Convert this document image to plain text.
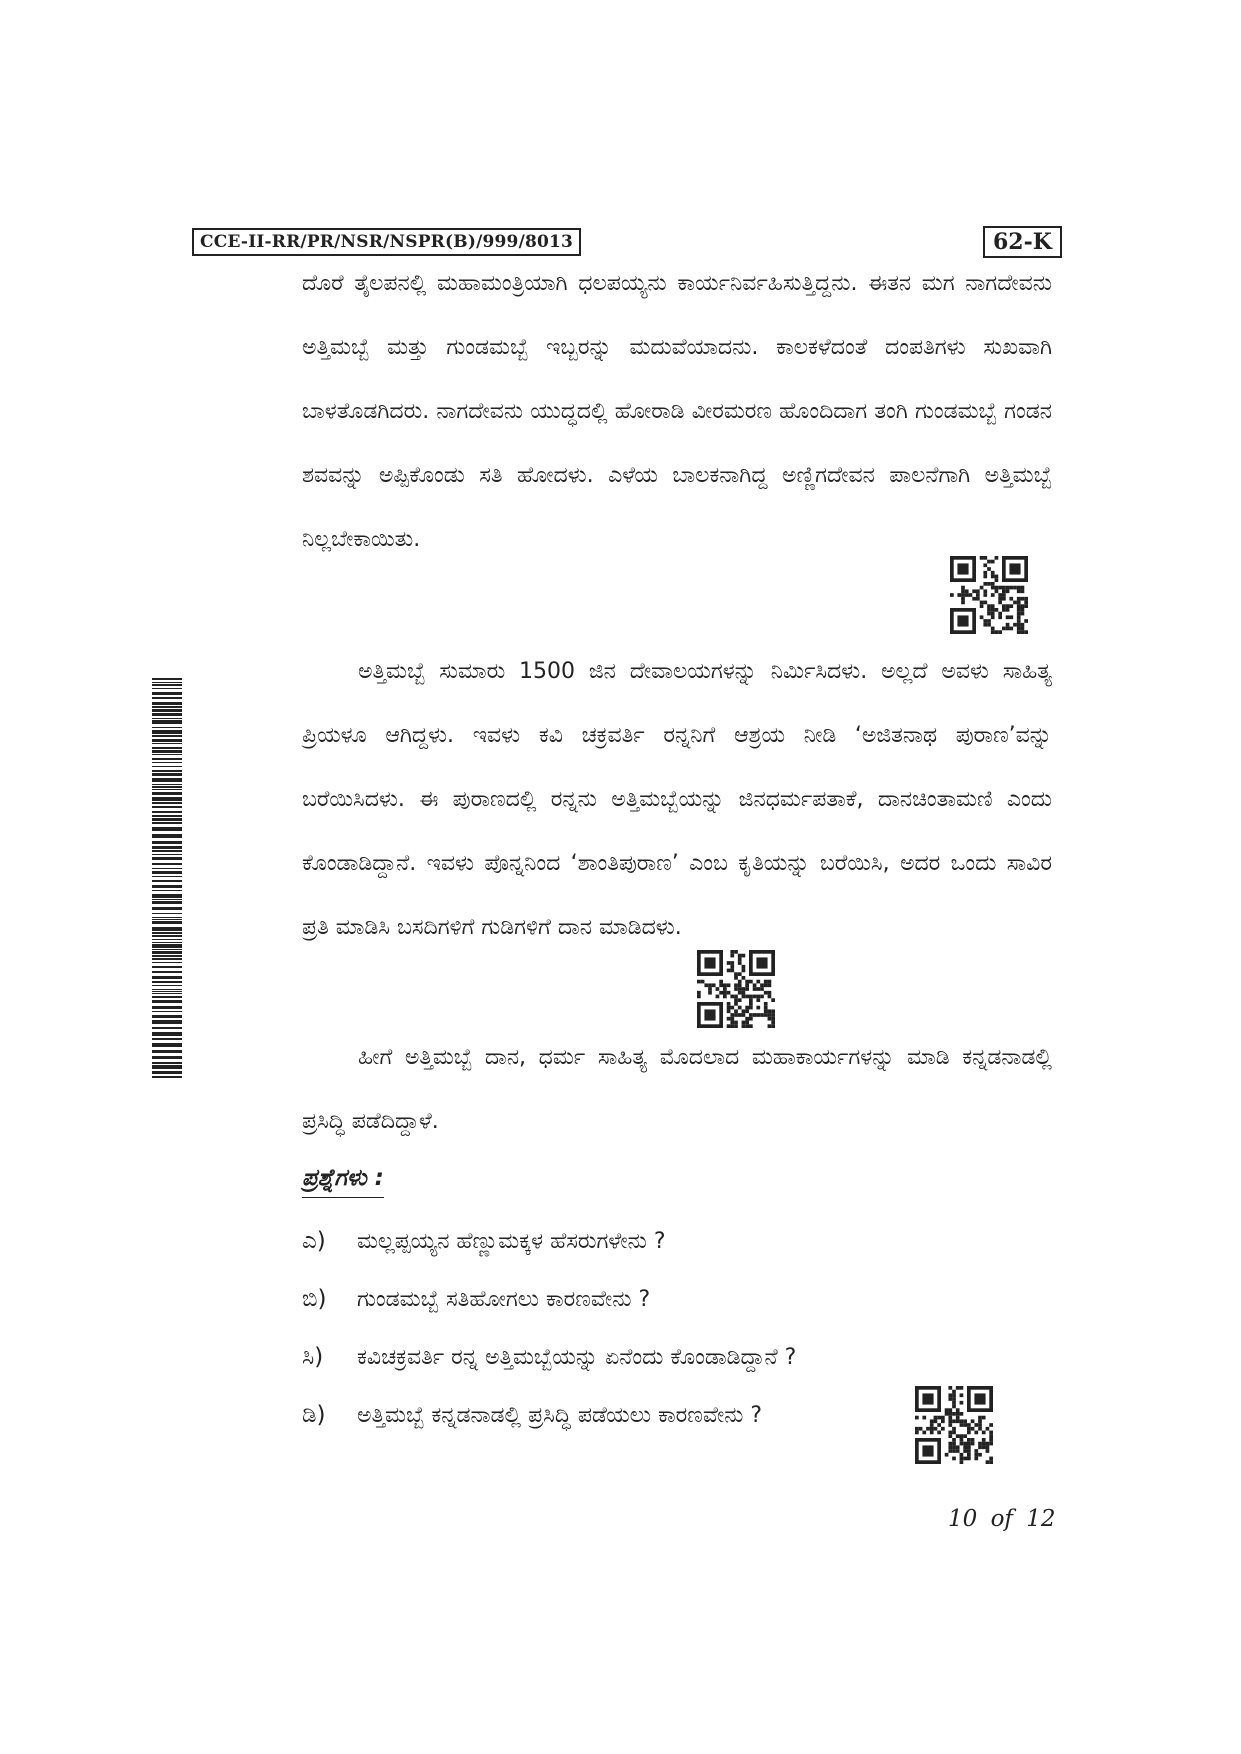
CCE-II-RR/PR/NSR/NSPR(B)/999/8013	62-K

ದೊರೆ ತೈಲಪನಲ್ಲಿ ಮಹಾಮಂತ್ರಿಯಾಗಿ ಧಲಪಯ್ಯನು ಕಾರ್ಯನಿರ್ವಹಿಸುತ್ತಿದ್ದನು. ಈತನ ಮಗ ನಾಗದೇವನು ಅತ್ತಿಮಬ್ಬೆ ಮತ್ತು ಗುಂಡಮಬ್ಬೆ ಇಬ್ಬರನ್ನು ಮದುವೆಯಾದನು. ಕಾಲಕಳೆದಂತೆ ದಂಪತಿಗಳು ಸುಖವಾಗಿ ಬಾಳತೊಡಗಿದರು. ನಾಗದೇವನು ಯುದ್ಧದಲ್ಲಿ ಹೋರಾಡಿ ವೀರಮರಣ ಹೊಂದಿದಾಗ ತಂಗಿ ಗುಂಡಮಬ್ಬೆ ಗಂಡನ ಶವವನ್ನು ಅಪ್ಪಿಕೊಂಡು ಸತಿ ಹೋದಳು. ಎಳೆಯ ಬಾಲಕನಾಗಿದ್ದ ಅಣ್ಣಿಗದೇವನ ಪಾಲನೆಗಾಗಿ ಅತ್ತಿಮಬ್ಬೆ ನಿಲ್ಲಬೇಕಾಯಿತು.

ಅತ್ತಿಮಬ್ಬೆ ಸುಮಾರು 1500 ಜಿನ ದೇವಾಲಯಗಳನ್ನು ನಿರ್ಮಿಸಿದಳು. ಅಲ್ಲದೆ ಅವಳು ಸಾಹಿತ್ಯ ಪ್ರಿಯಳೂ ಆಗಿದ್ದಳು. ಇವಳು ಕವಿ ಚಕ್ರವರ್ತಿ ರನ್ನನಿಗೆ ಆಶ್ರಯ ನೀಡಿ ‘ಅಜಿತನಾಥ ಪುರಾಣ’ವನ್ನು ಬರೆಯಿಸಿದಳು. ಈ ಪುರಾಣದಲ್ಲಿ ರನ್ನನು ಅತ್ತಿಮಬ್ಬೆಯನ್ನು ಜಿನಧರ್ಮಪತಾಕೆ, ದಾನಚಿಂತಾಮಣಿ ಎಂದು ಕೊಂಡಾಡಿದ್ದಾನೆ. ಇವಳು ಪೊನ್ನನಿಂದ ‘ಶಾಂತಿಪುರಾಣ’ ಎಂಬ ಕೃತಿಯನ್ನು ಬರೆಯಿಸಿ, ಅದರ ಒಂದು ಸಾವಿರ ಪ್ರತಿ ಮಾಡಿಸಿ ಬಸದಿಗಳಿಗೆ ಗುಡಿಗಳಿಗೆ ದಾನ ಮಾಡಿದಳು.

ಹೀಗೆ ಅತ್ತಿಮಬ್ಬೆ ದಾನ, ಧರ್ಮ ಸಾಹಿತ್ಯ ಮೊದಲಾದ ಮಹಾಕಾರ್ಯಗಳನ್ನು ಮಾಡಿ ಕನ್ನಡನಾಡಲ್ಲಿ ಪ್ರಸಿದ್ಧಿ ಪಡೆದಿದ್ದಾಳೆ.

ಪ್ರಶ್ನೆಗಳು :
ಎ)	ಮಲ್ಲಪ್ಪಯ್ಯನ ಹೆಣ್ಣುಮಕ್ಕಳ ಹೆಸರುಗಳೇನು ?
ಬಿ)	ಗುಂಡಮಬ್ಬೆ ಸತಿಹೋಗಲು ಕಾರಣವೇನು ?
ಸಿ)	ಕವಿಚಕ್ರವರ್ತಿ ರನ್ನ ಅತ್ತಿಮಬ್ಬೆಯನ್ನು ಏನೆಂದು ಕೊಂಡಾಡಿದ್ದಾನೆ ?
ಡಿ)	ಅತ್ತಿಮಬ್ಬೆ ಕನ್ನಡನಾಡಲ್ಲಿ ಪ್ರಸಿದ್ಧಿ ಪಡೆಯಲು ಕಾರಣವೇನು ?
10 of 12
